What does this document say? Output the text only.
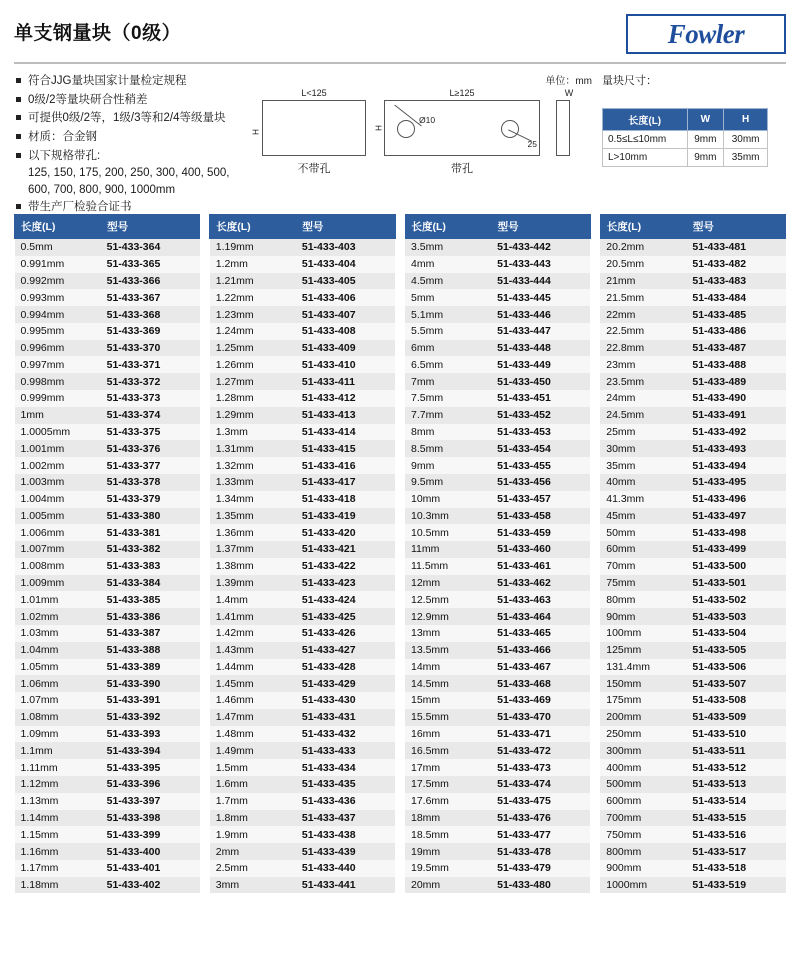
单支钢量块（0级）	Fowler
符合JJG量块国家计量检定规程
0级/2等量块研合性稍差
可提供0级/2等，1级/3等和2/4等级量块
材质：合金钢
以下规格带孔:
125, 150, 175, 200, 250, 300, 400, 500, 600, 700, 800, 900, 1000mm
带生产厂检验合证书
单位：mm
L<125
H
不带孔
L≥125
H
Ø10
25
带孔
W
量块尺寸：
长度(L)	W	H
0.5≤L≤10mm	9mm	30mm
L>10mm	9mm	35mm
长度(L)	型号
0.5mm	51-433-364
0.991mm	51-433-365
0.992mm	51-433-366
0.993mm	51-433-367
0.994mm	51-433-368
0.995mm	51-433-369
0.996mm	51-433-370
0.997mm	51-433-371
0.998mm	51-433-372
0.999mm	51-433-373
1mm	51-433-374
1.0005mm	51-433-375
1.001mm	51-433-376
1.002mm	51-433-377
1.003mm	51-433-378
1.004mm	51-433-379
1.005mm	51-433-380
1.006mm	51-433-381
1.007mm	51-433-382
1.008mm	51-433-383
1.009mm	51-433-384
1.01mm	51-433-385
1.02mm	51-433-386
1.03mm	51-433-387
1.04mm	51-433-388
1.05mm	51-433-389
1.06mm	51-433-390
1.07mm	51-433-391
1.08mm	51-433-392
1.09mm	51-433-393
1.1mm	51-433-394
1.11mm	51-433-395
1.12mm	51-433-396
1.13mm	51-433-397
1.14mm	51-433-398
1.15mm	51-433-399
1.16mm	51-433-400
1.17mm	51-433-401
1.18mm	51-433-402
长度(L)	型号
1.19mm	51-433-403
1.2mm	51-433-404
1.21mm	51-433-405
1.22mm	51-433-406
1.23mm	51-433-407
1.24mm	51-433-408
1.25mm	51-433-409
1.26mm	51-433-410
1.27mm	51-433-411
1.28mm	51-433-412
1.29mm	51-433-413
1.3mm	51-433-414
1.31mm	51-433-415
1.32mm	51-433-416
1.33mm	51-433-417
1.34mm	51-433-418
1.35mm	51-433-419
1.36mm	51-433-420
1.37mm	51-433-421
1.38mm	51-433-422
1.39mm	51-433-423
1.4mm	51-433-424
1.41mm	51-433-425
1.42mm	51-433-426
1.43mm	51-433-427
1.44mm	51-433-428
1.45mm	51-433-429
1.46mm	51-433-430
1.47mm	51-433-431
1.48mm	51-433-432
1.49mm	51-433-433
1.5mm	51-433-434
1.6mm	51-433-435
1.7mm	51-433-436
1.8mm	51-433-437
1.9mm	51-433-438
2mm	51-433-439
2.5mm	51-433-440
3mm	51-433-441
长度(L)	型号
3.5mm	51-433-442
4mm	51-433-443
4.5mm	51-433-444
5mm	51-433-445
5.1mm	51-433-446
5.5mm	51-433-447
6mm	51-433-448
6.5mm	51-433-449
7mm	51-433-450
7.5mm	51-433-451
7.7mm	51-433-452
8mm	51-433-453
8.5mm	51-433-454
9mm	51-433-455
9.5mm	51-433-456
10mm	51-433-457
10.3mm	51-433-458
10.5mm	51-433-459
11mm	51-433-460
11.5mm	51-433-461
12mm	51-433-462
12.5mm	51-433-463
12.9mm	51-433-464
13mm	51-433-465
13.5mm	51-433-466
14mm	51-433-467
14.5mm	51-433-468
15mm	51-433-469
15.5mm	51-433-470
16mm	51-433-471
16.5mm	51-433-472
17mm	51-433-473
17.5mm	51-433-474
17.6mm	51-433-475
18mm	51-433-476
18.5mm	51-433-477
19mm	51-433-478
19.5mm	51-433-479
20mm	51-433-480
长度(L)	型号
20.2mm	51-433-481
20.5mm	51-433-482
21mm	51-433-483
21.5mm	51-433-484
22mm	51-433-485
22.5mm	51-433-486
22.8mm	51-433-487
23mm	51-433-488
23.5mm	51-433-489
24mm	51-433-490
24.5mm	51-433-491
25mm	51-433-492
30mm	51-433-493
35mm	51-433-494
40mm	51-433-495
41.3mm	51-433-496
45mm	51-433-497
50mm	51-433-498
60mm	51-433-499
70mm	51-433-500
75mm	51-433-501
80mm	51-433-502
90mm	51-433-503
100mm	51-433-504
125mm	51-433-505
131.4mm	51-433-506
150mm	51-433-507
175mm	51-433-508
200mm	51-433-509
250mm	51-433-510
300mm	51-433-511
400mm	51-433-512
500mm	51-433-513
600mm	51-433-514
700mm	51-433-515
750mm	51-433-516
800mm	51-433-517
900mm	51-433-518
1000mm	51-433-519
